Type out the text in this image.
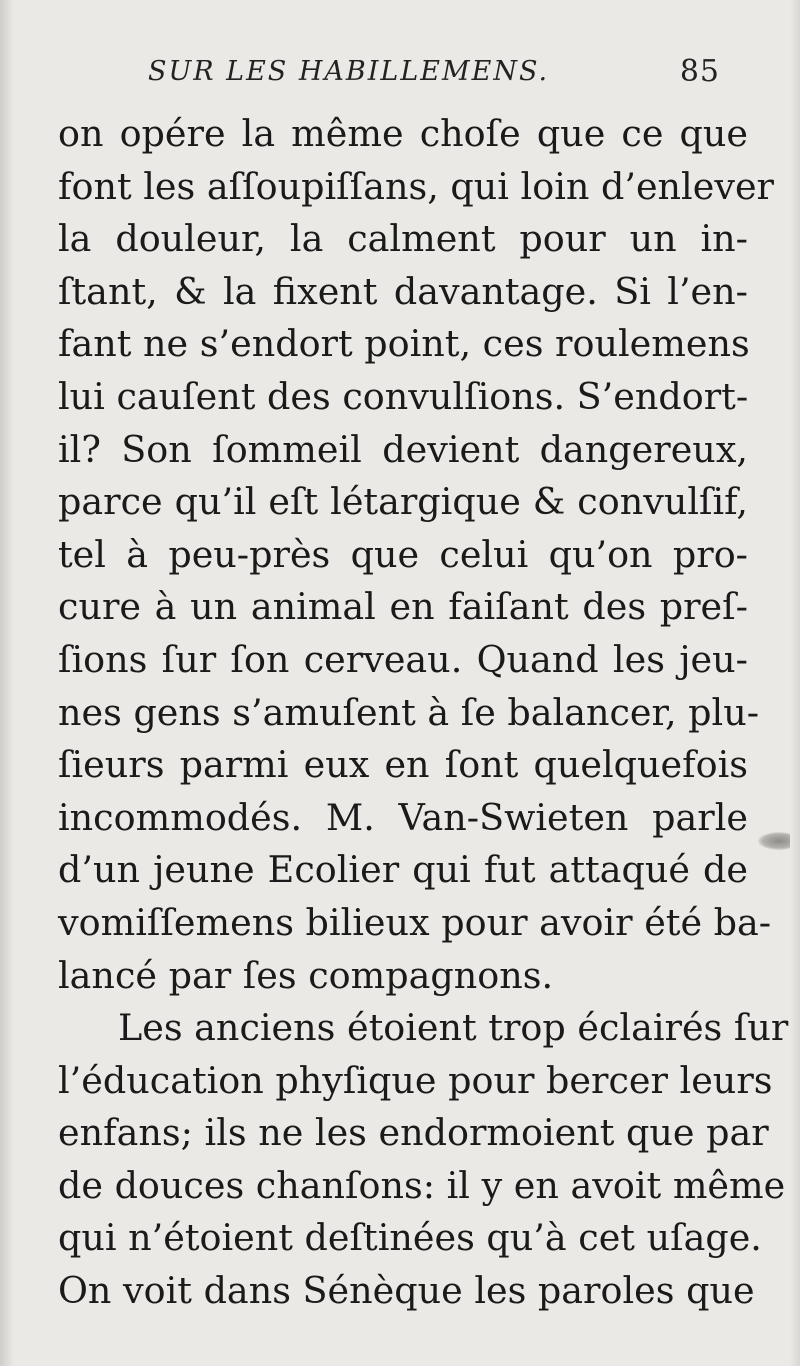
SUR LES HABILLEMENS.	85
on opére la même choſe que ce que
font les aſſoupiſſans, qui loin d’enlever
la douleur, la calment pour un in-
ſtant, & la fixent davantage. Si l’en-
fant ne s’endort point, ces roulemens
lui cauſent des convulſions. S’endort-
il? Son ſommeil devient dangereux,
parce qu’il eſt létargique & convulſif,
tel à peu-près que celui qu’on pro-
cure à un animal en faiſant des preſ-
ſions ſur ſon cerveau. Quand les jeu-
nes gens s’amuſent à ſe balancer, plu-
ſieurs parmi eux en ſont quelquefois
incommodés. M. Van-Swieten parle
d’un jeune Ecolier qui fut attaqué de
vomiſſemens bilieux pour avoir été ba-
lancé par ſes compagnons.
Les anciens étoient trop éclairés ſur
l’éducation phyſique pour bercer leurs
enfans; ils ne les endormoient que par
de douces chanſons: il y en avoit même
qui n’étoient deſtinées qu’à cet uſage.
On voit dans Sénèque les paroles que
